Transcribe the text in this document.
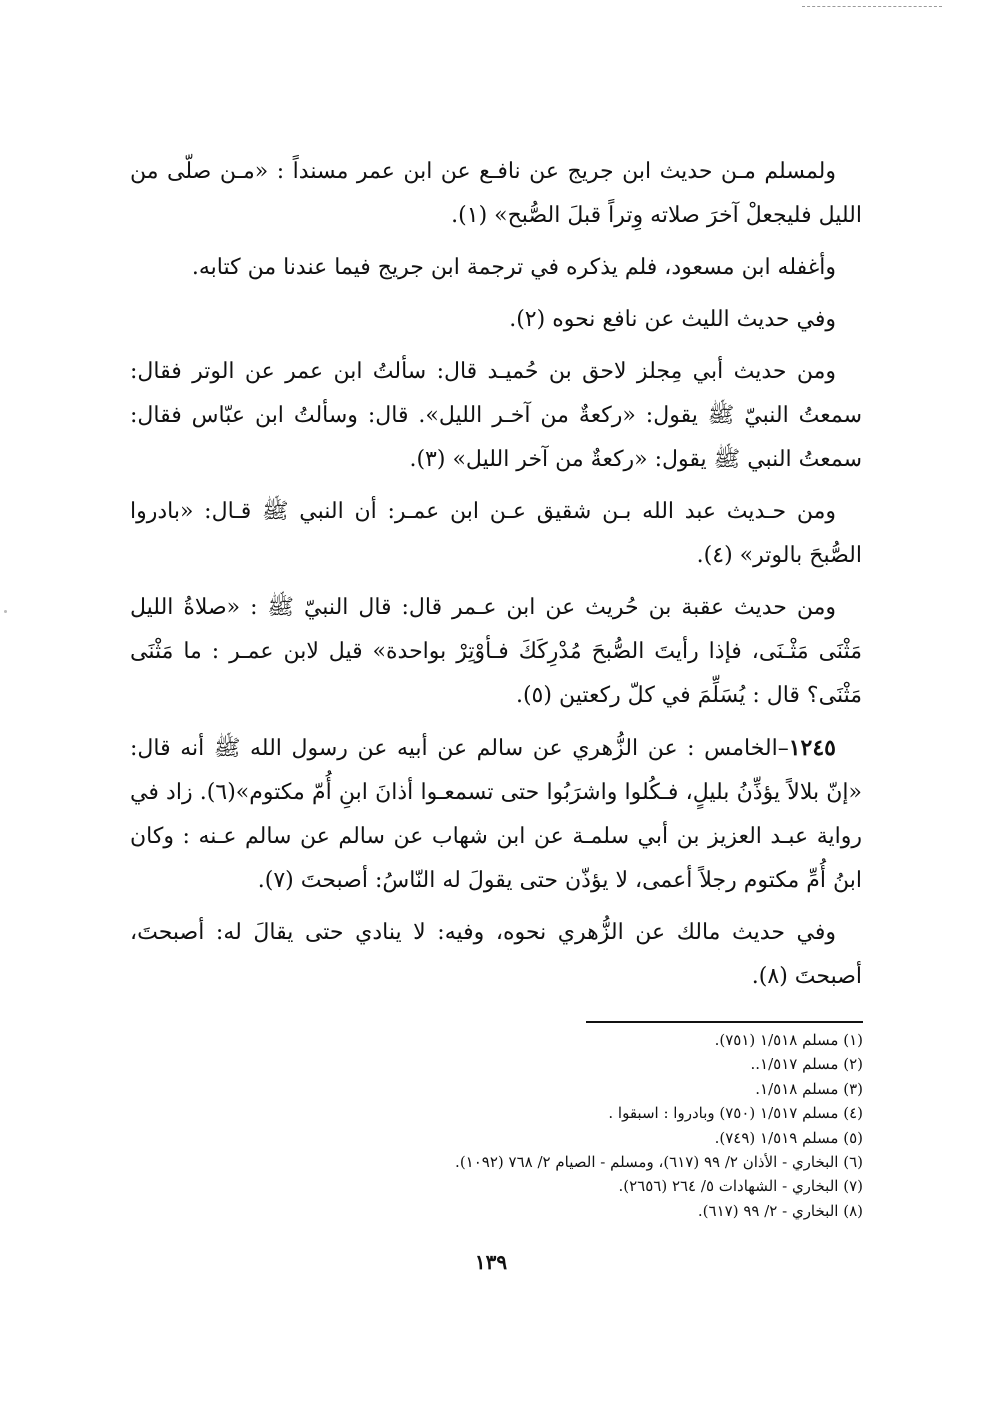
ولمسلم مـن حديث ابن جريج عن نافـع عن ابن عمر مسنداً : «مـن صلّى من الليل فليجعلْ آخرَ صلاته وِتراً قبلَ الصُّبح» (١).

وأغفله ابن مسعود، فلم يذكره في ترجمة ابن جريج فيما عندنا من كتابه.

وفي حديث الليث عن نافع نحوه (٢).

ومن حديث أبي مِجلز لاحق بن حُميـد قال: سألتُ ابن عمر عن الوتر فقال: سمعتُ النبيّ ﷺ يقول: «ركعةٌ من آخـر الليل». قال: وسألتُ ابن عبّاس فقال: سمعتُ النبي ﷺ يقول: «ركعةٌ من آخر الليل» (٣).

ومن حـديث عبد الله بـن شقيق عـن ابن عمـر: أن النبي ﷺ قـال: «بادروا الصُّبحَ بالوتر» (٤).

ومن حديث عقبة بن حُريث عن ابن عـمر قال: قال النبيّ ﷺ : «صلاةُ الليل مَثْنَى مَثْـنَى، فإذا رأيتَ الصُّبحَ مُدْرِكَكَ فـأوْتِرْ بواحدة» قيل لابن عمـر : ما مَثْنَى مَثْنَى؟ قال : يُسَلِّمَ في كلّ ركعتين (٥).

١٢٤٥–الخامس : عن الزُّهري عن سالم عن أبيه عن رسول الله ﷺ أنه قال: «إنّ بلالاً يؤذِّنُ بليلٍ، فـكُلوا واشرَبُوا حتى تسمعـوا أذانَ ابنِ أُمّ مكتوم»(٦). زاد في رواية عبـد العزيز بن أبي سلمـة عن ابن شهاب عن سالم عن سالم عـنه : وكان ابنُ أُمِّ مكتوم رجلاً أعمى، لا يؤذّن حتى يقولَ له النّاسُ: أصبحتَ (٧).

وفي حديث مالك عن الزُّهري نحوه، وفيه: لا ينادي حتى يقالَ له: أصبحتَ، أصبحتَ (٨).

(١) مسلم ١/٥١٨ (٧٥١).
(٢) مسلم ١/٥١٧..
(٣) مسلم ١/٥١٨.
(٤) مسلم ١/٥١٧ (٧٥٠) وبادروا : اسبقوا .
(٥) مسلم ١/٥١٩ (٧٤٩).
(٦) البخاري - الأذان ٢/ ٩٩ (٦١٧)، ومسلم - الصيام ٢/ ٧٦٨ (١٠٩٢).
(٧) البخاري - الشهادات ٥/ ٢٦٤ (٢٦٥٦).
(٨) البخاري - ٢/ ٩٩ (٦١٧).
١٣٩
